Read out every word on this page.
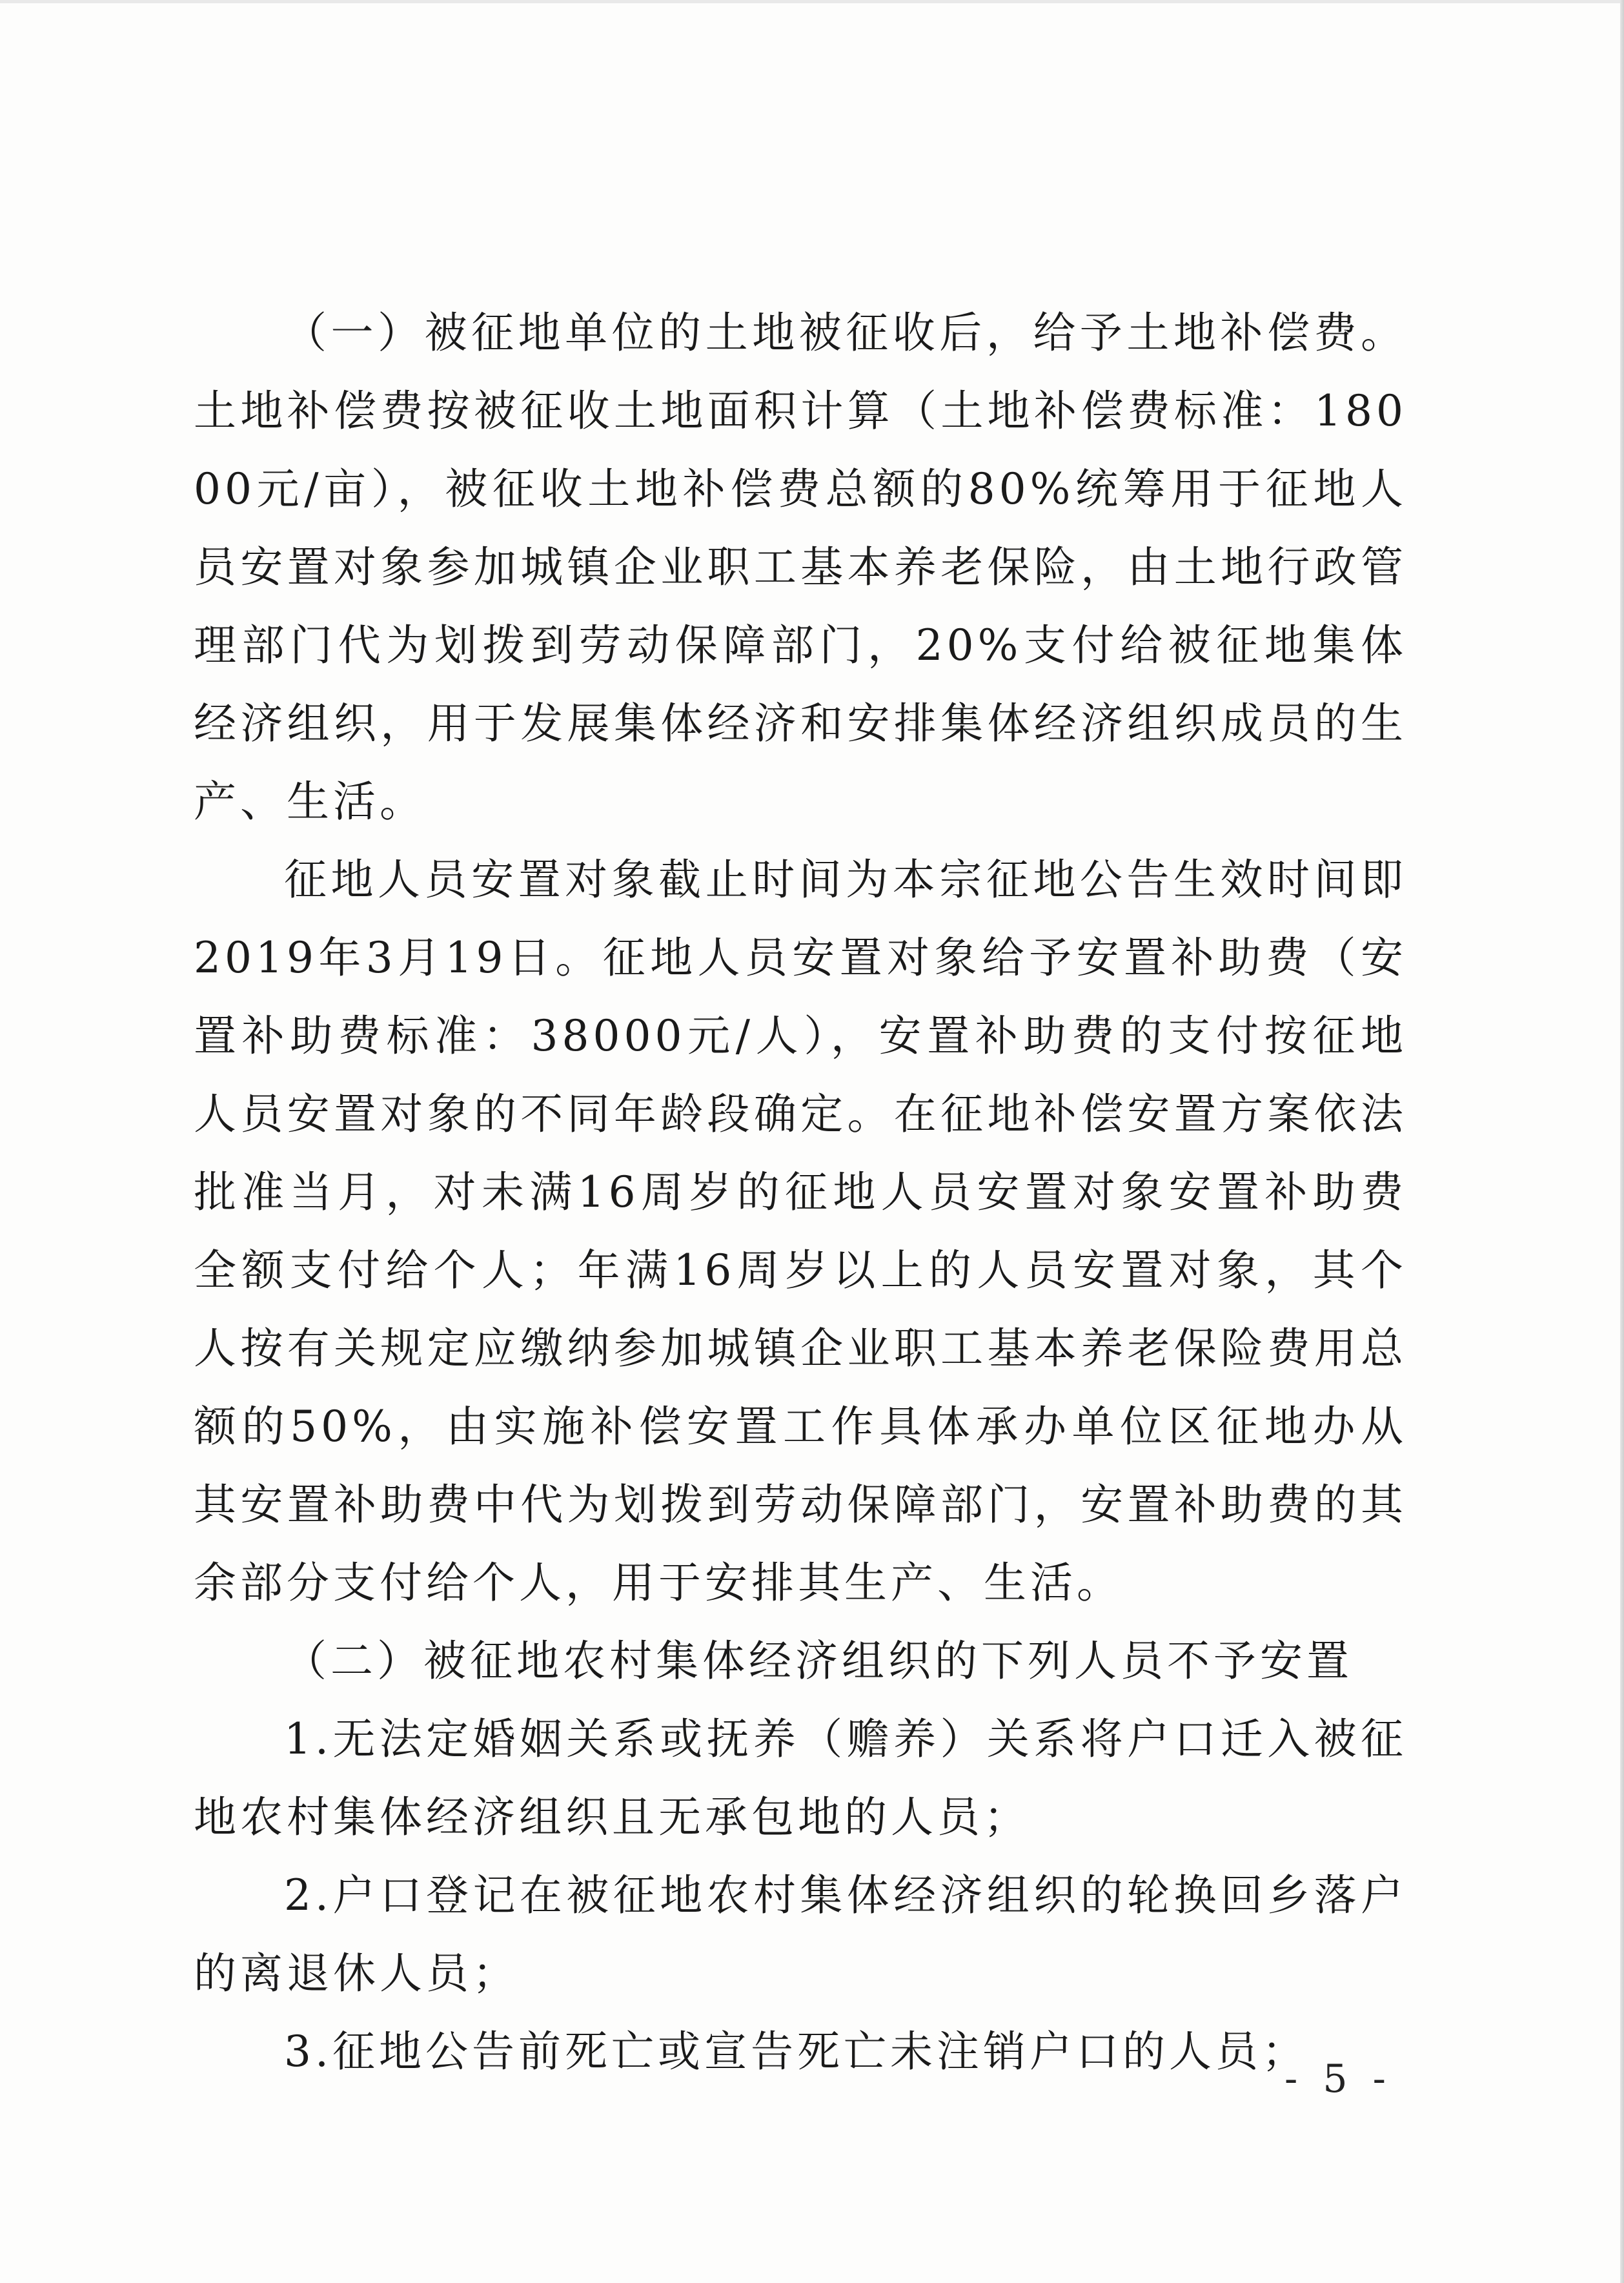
（一）被征地单位的土地被征收后，给予土地补偿费。土地补偿费按被征收土地面积计算（土地补偿费标准：18000元/亩），被征收土地补偿费总额的80%统筹用于征地人员安置对象参加城镇企业职工基本养老保险，由土地行政管理部门代为划拨到劳动保障部门，20%支付给被征地集体经济组织，用于发展集体经济和安排集体经济组织成员的生产、生活。

征地人员安置对象截止时间为本宗征地公告生效时间即2019年3月19日。征地人员安置对象给予安置补助费（安置补助费标准：38000元/人），安置补助费的支付按征地人员安置对象的不同年龄段确定。在征地补偿安置方案依法批准当月，对未满16周岁的征地人员安置对象安置补助费全额支付给个人；年满16周岁以上的人员安置对象，其个人按有关规定应缴纳参加城镇企业职工基本养老保险费用总额的50%，由实施补偿安置工作具体承办单位区征地办从其安置补助费中代为划拨到劳动保障部门，安置补助费的其余部分支付给个人，用于安排其生产、生活。

（二）被征地农村集体经济组织的下列人员不予安置

1.无法定婚姻关系或抚养（赡养）关系将户口迁入被征地农村集体经济组织且无承包地的人员；

2.户口登记在被征地农村集体经济组织的轮换回乡落户的离退休人员；

3.征地公告前死亡或宣告死亡未注销户口的人员；

- 5 -
